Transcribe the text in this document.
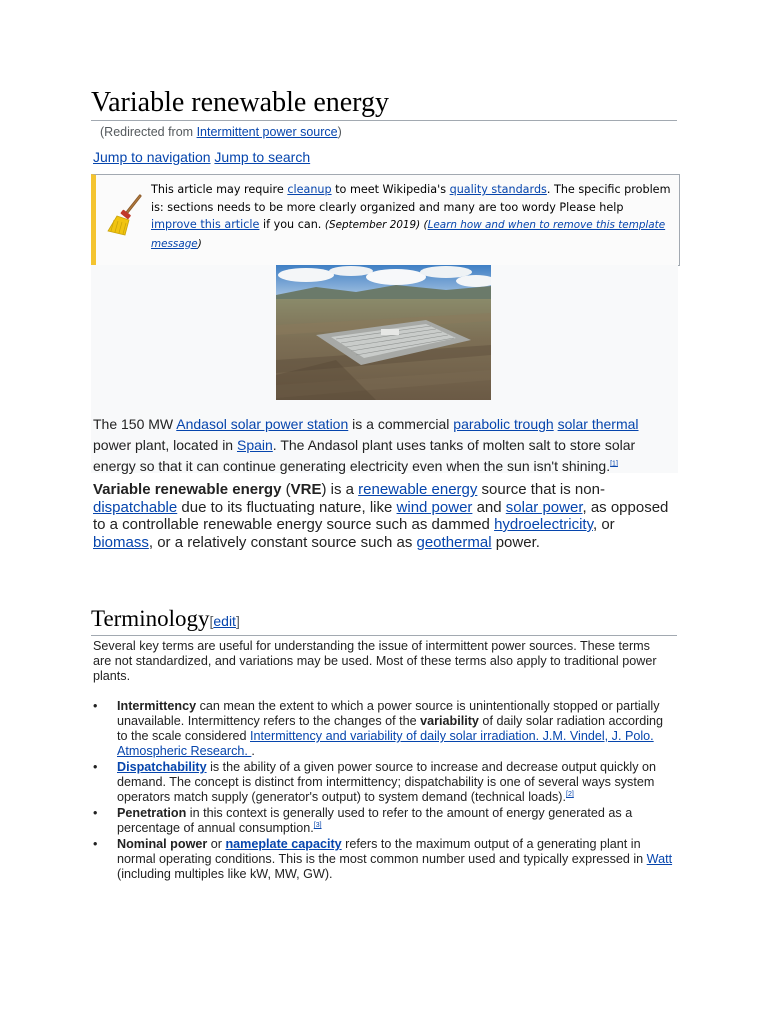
Variable renewable energy
(Redirected from Intermittent power source)
Jump to navigation Jump to search
This article may require cleanup to meet Wikipedia's quality standards. The specific problem is: sections needs to be more clearly organized and many are too wordy Please help improve this article if you can. (September 2019) (Learn how and when to remove this template message)
The 150 MW Andasol solar power station is a commercial parabolic trough solar thermal power plant, located in Spain. The Andasol plant uses tanks of molten salt to store solar energy so that it can continue generating electricity even when the sun isn't shining.[1]
Variable renewable energy (VRE) is a renewable energy source that is non-dispatchable due to its fluctuating nature, like wind power and solar power, as opposed to a controllable renewable energy source such as dammed hydroelectricity, or biomass, or a relatively constant source such as geothermal power.
Terminology[edit]
Several key terms are useful for understanding the issue of intermittent power sources. These terms are not standardized, and variations may be used. Most of these terms also apply to traditional power plants.
• Intermittency can mean the extent to which a power source is unintentionally stopped or partially unavailable. Intermittency refers to the changes of the variability of daily solar radiation according to the scale considered Intermittency and variability of daily solar irradiation. J.M. Vindel, J. Polo. Atmospheric Research. .
• Dispatchability is the ability of a given power source to increase and decrease output quickly on demand. The concept is distinct from intermittency; dispatchability is one of several ways system operators match supply (generator's output) to system demand (technical loads).[2]
• Penetration in this context is generally used to refer to the amount of energy generated as a percentage of annual consumption.[3]
• Nominal power or nameplate capacity refers to the maximum output of a generating plant in normal operating conditions. This is the most common number used and typically expressed in Watt (including multiples like kW, MW, GW).
